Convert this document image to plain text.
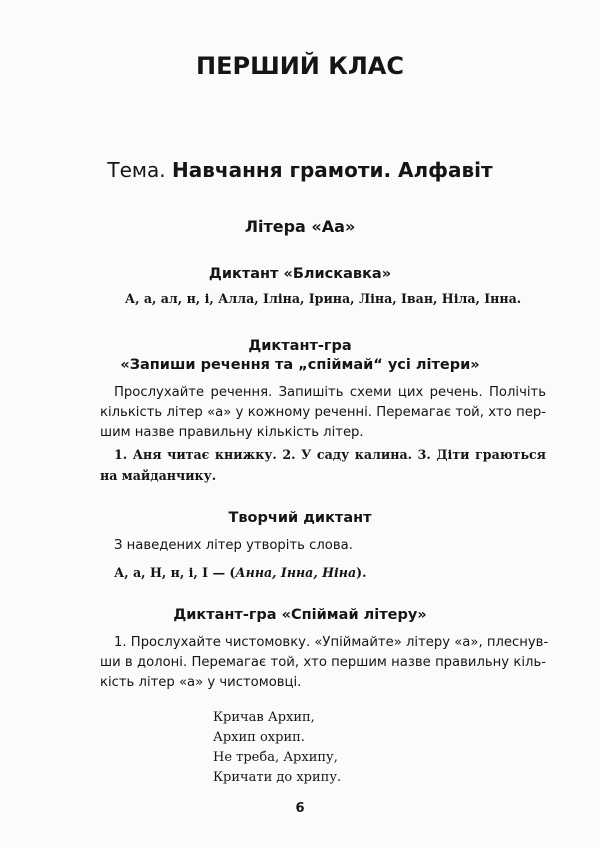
ПЕРШИЙ КЛАС
Тема. Навчання грамоти. Алфавіт
Літера «Аа»
Диктант «Блискавка»
А, а, ал, н, і, Алла, Іліна, Ірина, Ліна, Іван, Ніла, Інна.
Диктант-гра
«Запиши речення та „спіймай“ усі літери»
Прослухайте речення. Запишіть схеми цих речень. Полічіть
кількість літер «а» у кожному реченні. Перемагає той, хто пер-
шим назве правильну кількість літер.
1. Аня читає книжку. 2. У саду калина. 3. Діти граються
на майданчику.
Творчий диктант
З наведених літер утворіть слова.
А, а, Н, н, і, І — (Анна, Інна, Ніна).
Диктант-гра «Спіймай літеру»
1. Прослухайте чистомовку. «Упіймайте» літеру «а», плеснув-
ши в долоні. Перемагає той, хто першим назве правильну кіль-
кість літер «а» у чистомовці.
Кричав Архип,
Архип охрип.
Не треба, Архипу,
Кричати до хрипу.
6
